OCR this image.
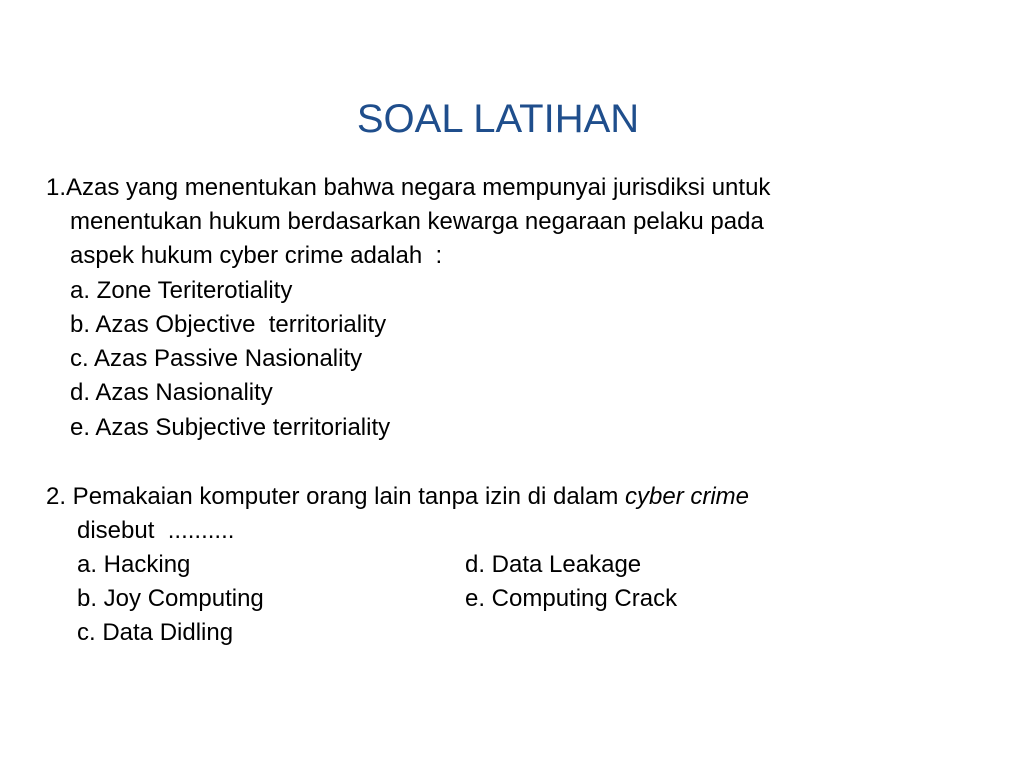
SOAL LATIHAN
1.Azas yang menentukan bahwa negara mempunyai jurisdiksi untuk
menentukan hukum berdasarkan kewarga negaraan pelaku pada
aspek hukum cyber crime adalah  :
a. Zone Teriterotiality
b. Azas Objective  territoriality
c. Azas Passive Nasionality
d. Azas Nasionality
e. Azas Subjective territoriality
2. Pemakaian komputer orang lain tanpa izin di dalam cyber crime
disebut  ..........
a. Hacking	d. Data Leakage
b. Joy Computing	e. Computing Crack
c. Data Didling
